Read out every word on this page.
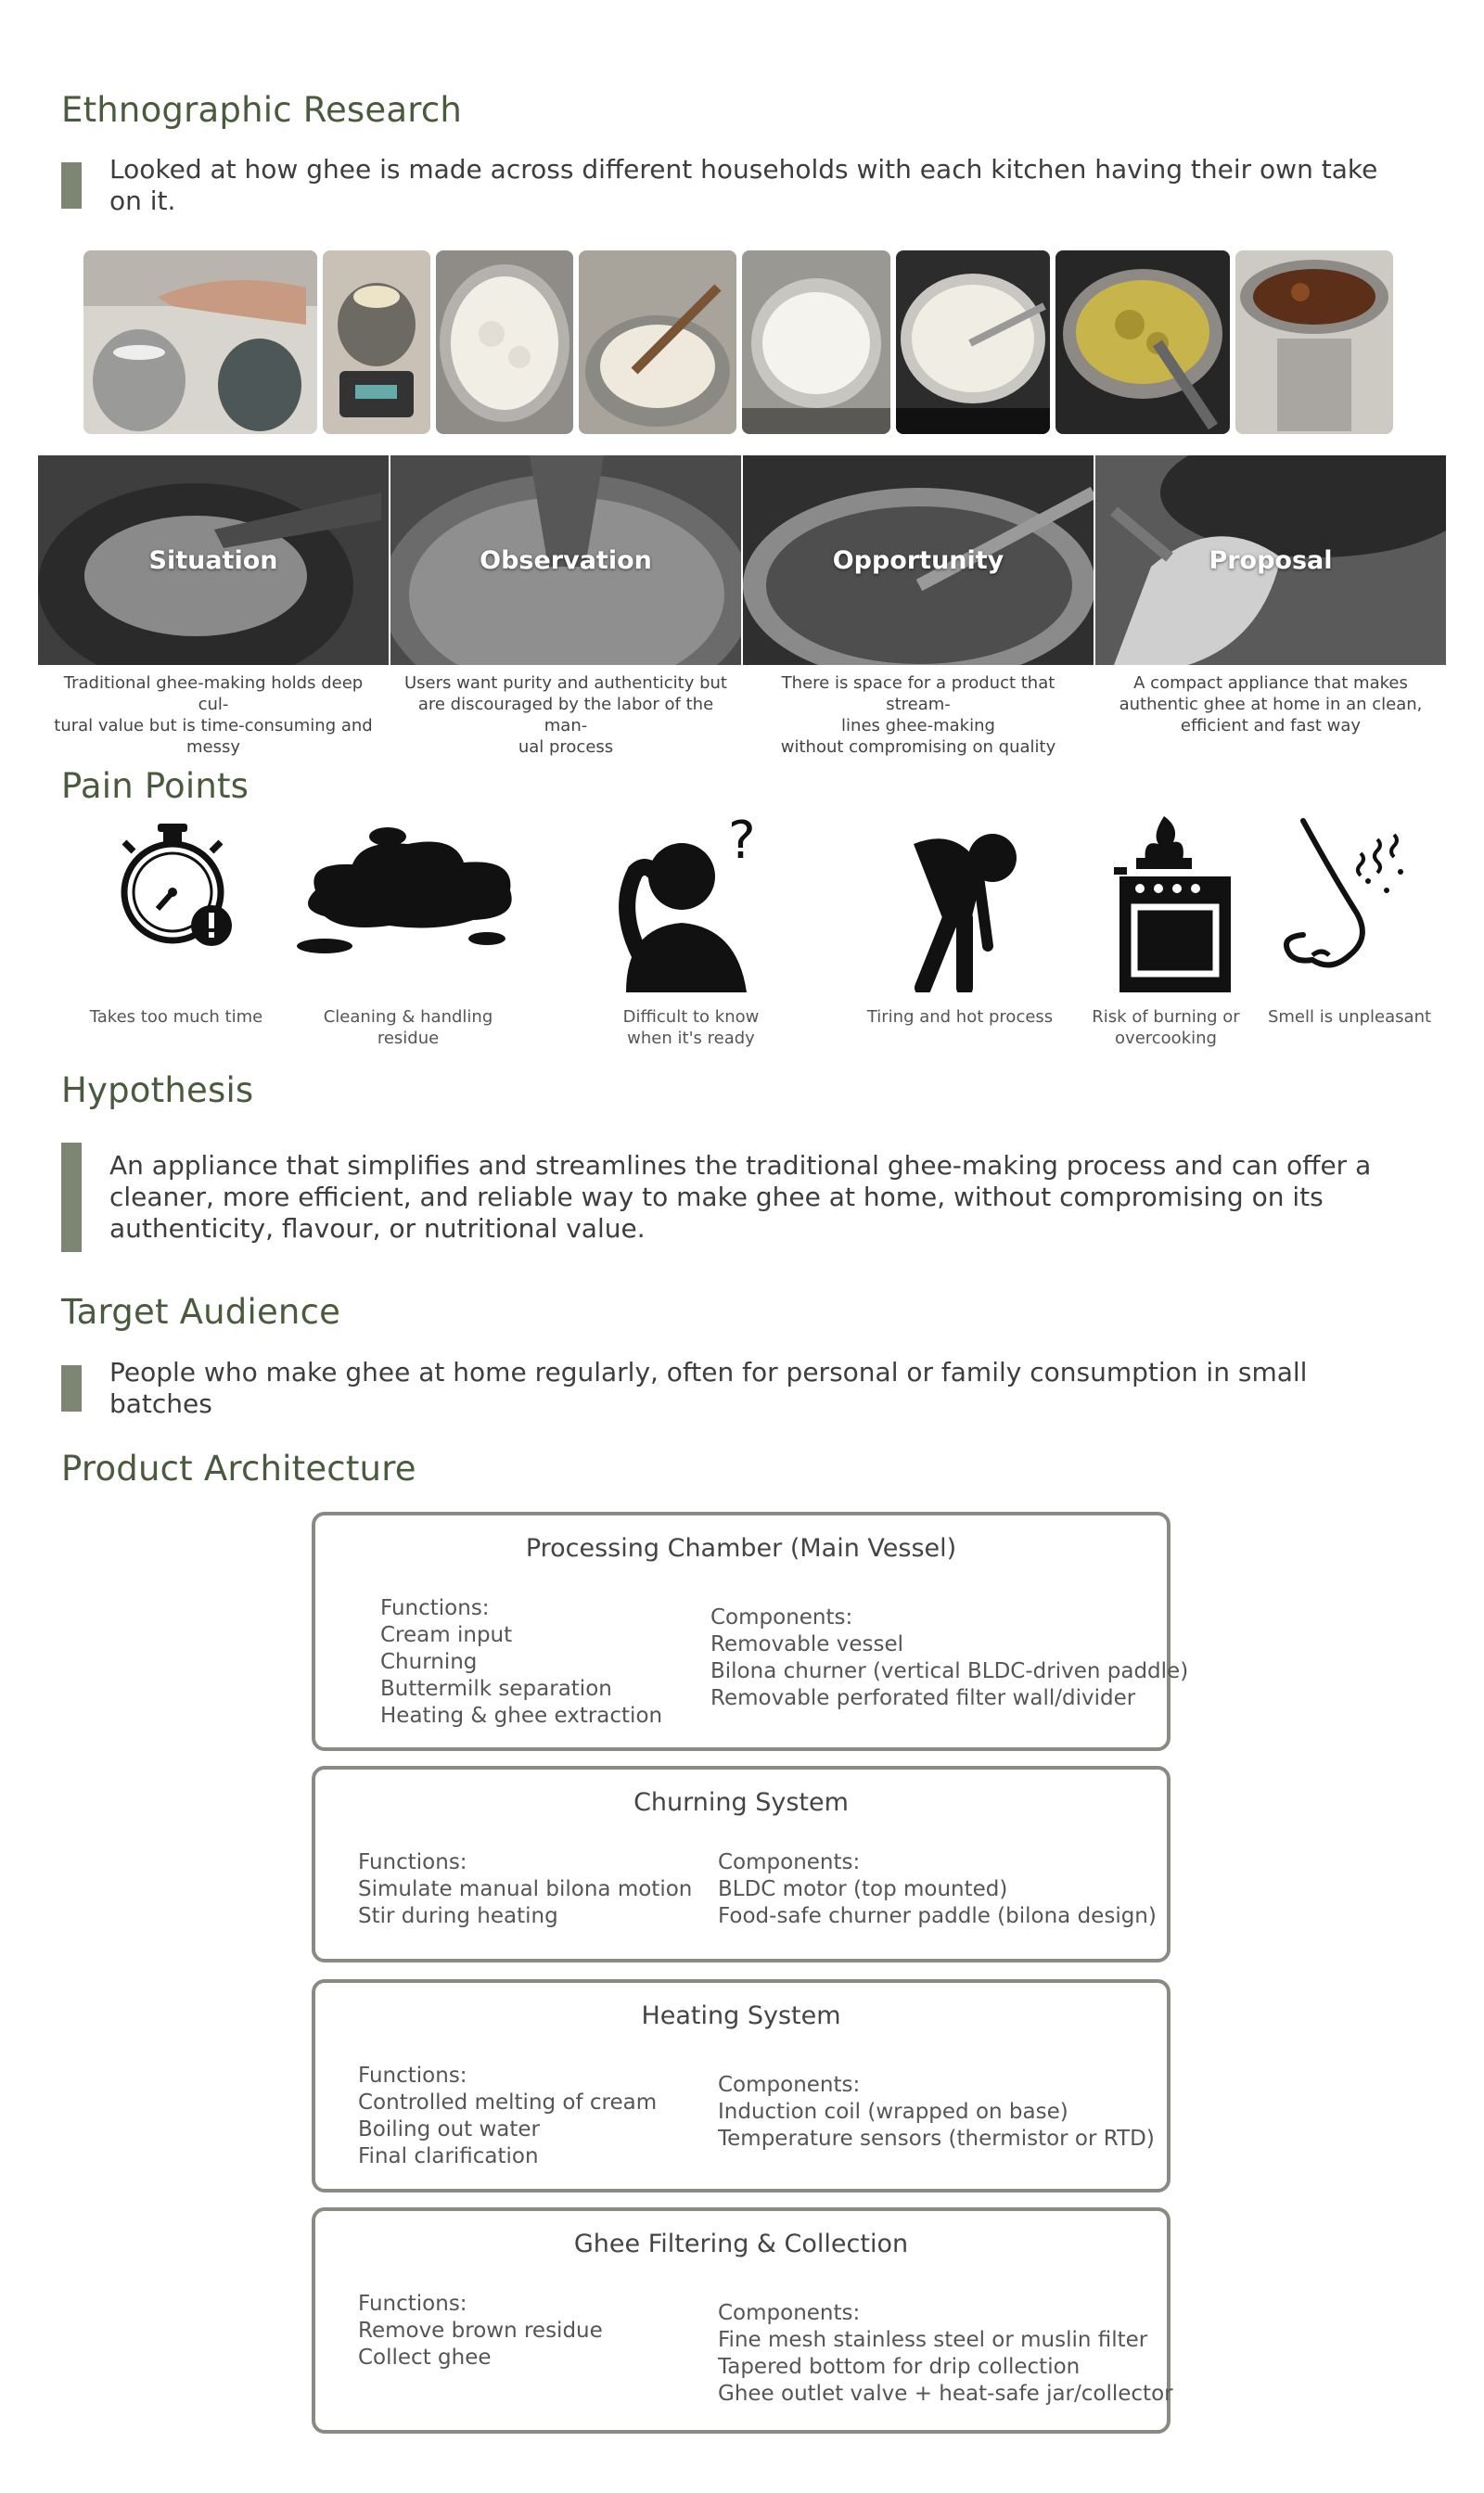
Ethnographic Research
Looked at how ghee is made across different households with each kitchen having their own take on it.
Situation
Traditional ghee-making holds deep cul-
tural value but is time-consuming and
messy
Observation
Users want purity and authenticity but
are discouraged by the labor of the man-
ual process
Opportunity
There is space for a product that stream-
lines ghee-making
without compromising on quality
Proposal
A compact appliance that makes
authentic ghee at home in an clean,
efficient and fast way
Pain Points
Takes too much time	Cleaning & handling
residue
?
Difficult to know
when it's ready
Tiring and hot process	Risk of burning or
overcooking
Smell is unpleasant
Hypothesis
An appliance that simplifies and streamlines the traditional ghee-making process and can offer a cleaner, more efficient, and reliable way to make ghee at home, without compromising on its authenticity, flavour, or nutritional value.
Target Audience
People who make ghee at home regularly, often for personal or family consumption in small batches
Product Architecture
Processing Chamber (Main Vessel)
Functions:
Cream input
Churning
Buttermilk separation
Heating & ghee extraction
Components:
Removable vessel
Bilona churner (vertical BLDC-driven paddle)
Removable perforated filter wall/divider
Churning System
Functions:
Simulate manual bilona motion
Stir during heating
Components:
BLDC motor (top mounted)
Food-safe churner paddle (bilona design)
Heating System
Functions:
Controlled melting of cream
Boiling out water
Final clarification
Components:
Induction coil (wrapped on base)
Temperature sensors (thermistor or RTD)
Ghee Filtering & Collection
Functions:
Remove brown residue
Collect ghee
Components:
Fine mesh stainless steel or muslin filter
Tapered bottom for drip collection
Ghee outlet valve + heat-safe jar/collector
